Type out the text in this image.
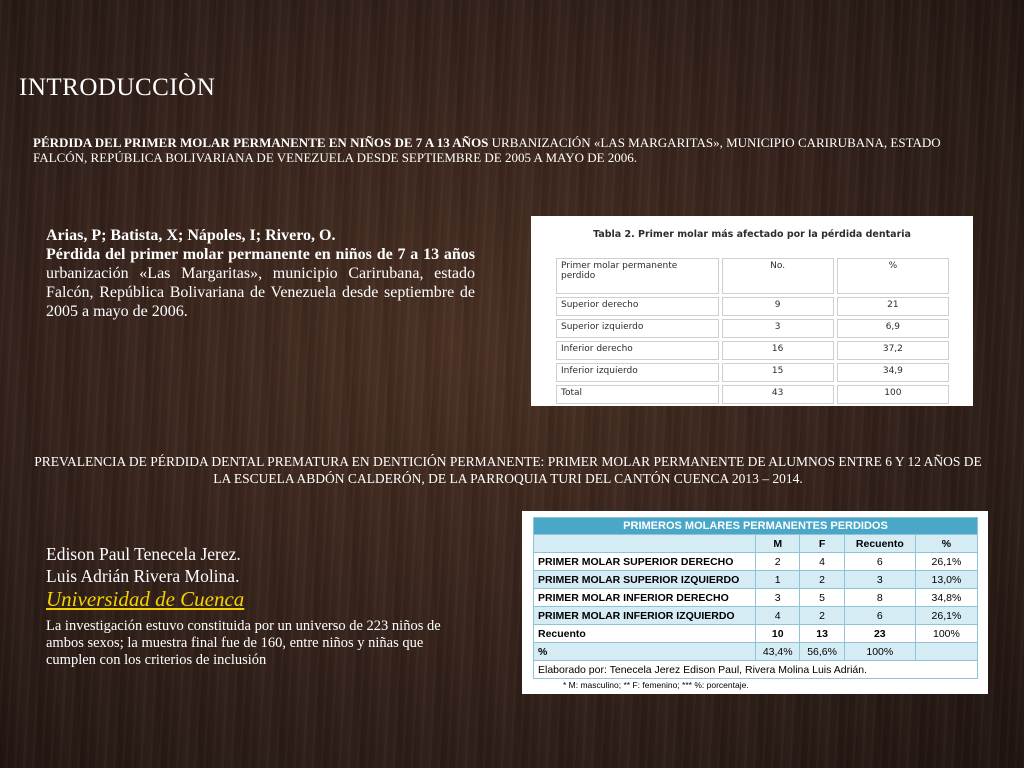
INTRODUCCIÒN
PÉRDIDA DEL PRIMER MOLAR PERMANENTE EN NIÑOS DE 7 A 13 AÑOS URBANIZACIÓN «LAS MARGARITAS», MUNICIPIO CARIRUBANA, ESTADO FALCÓN, REPÚBLICA BOLIVARIANA DE VENEZUELA DESDE SEPTIEMBRE DE 2005 A MAYO DE 2006.
Arias, P; Batista, X; Nápoles, I; Rivero, O.
Pérdida del primer molar permanente en niños de 7 a 13 años urbanización «Las Margaritas», municipio Carirubana, estado Falcón, República Bolivariana de Venezuela desde septiembre de 2005 a mayo de 2006.
Tabla 2. Primer molar más afectado por la pérdida dentaria
Primer molar permanente perdido	No.	%
Superior derecho	9	21
Superior izquierdo	3	6,9
Inferior derecho	16	37,2
Inferior izquierdo	15	34,9
Total	43	100
PREVALENCIA DE PÉRDIDA DENTAL PREMATURA EN DENTICIÓN PERMANENTE: PRIMER MOLAR PERMANENTE DE ALUMNOS ENTRE 6 Y 12 AÑOS DE LA ESCUELA ABDÓN CALDERÓN, DE LA PARROQUIA TURI DEL CANTÓN CUENCA 2013 – 2014.
Edison Paul Tenecela Jerez.
Luis Adrián Rivera Molina.
Universidad de Cuenca
La investigación estuvo constituida por un universo de 223 niños de ambos sexos; la muestra final fue de 160, entre niños y niñas que cumplen con los criterios de inclusión
PRIMEROS MOLARES PERMANENTES PERDIDOS				
	M	F	Recuento	%
PRIMER MOLAR SUPERIOR DERECHO	2	4	6	26,1%
PRIMER MOLAR SUPERIOR IZQUIERDO	1	2	3	13,0%
PRIMER MOLAR INFERIOR DERECHO	3	5	8	34,8%
PRIMER MOLAR INFERIOR IZQUIERDO	4	2	6	26,1%
Recuento	10	13	23	100%
%	43,4%	56,6%	100%	
Elaborado por: Tenecela Jerez Edison Paul, Rivera Molina Luis Adrián.				
* M: masculino; ** F: femenino; *** %: porcentaje.
